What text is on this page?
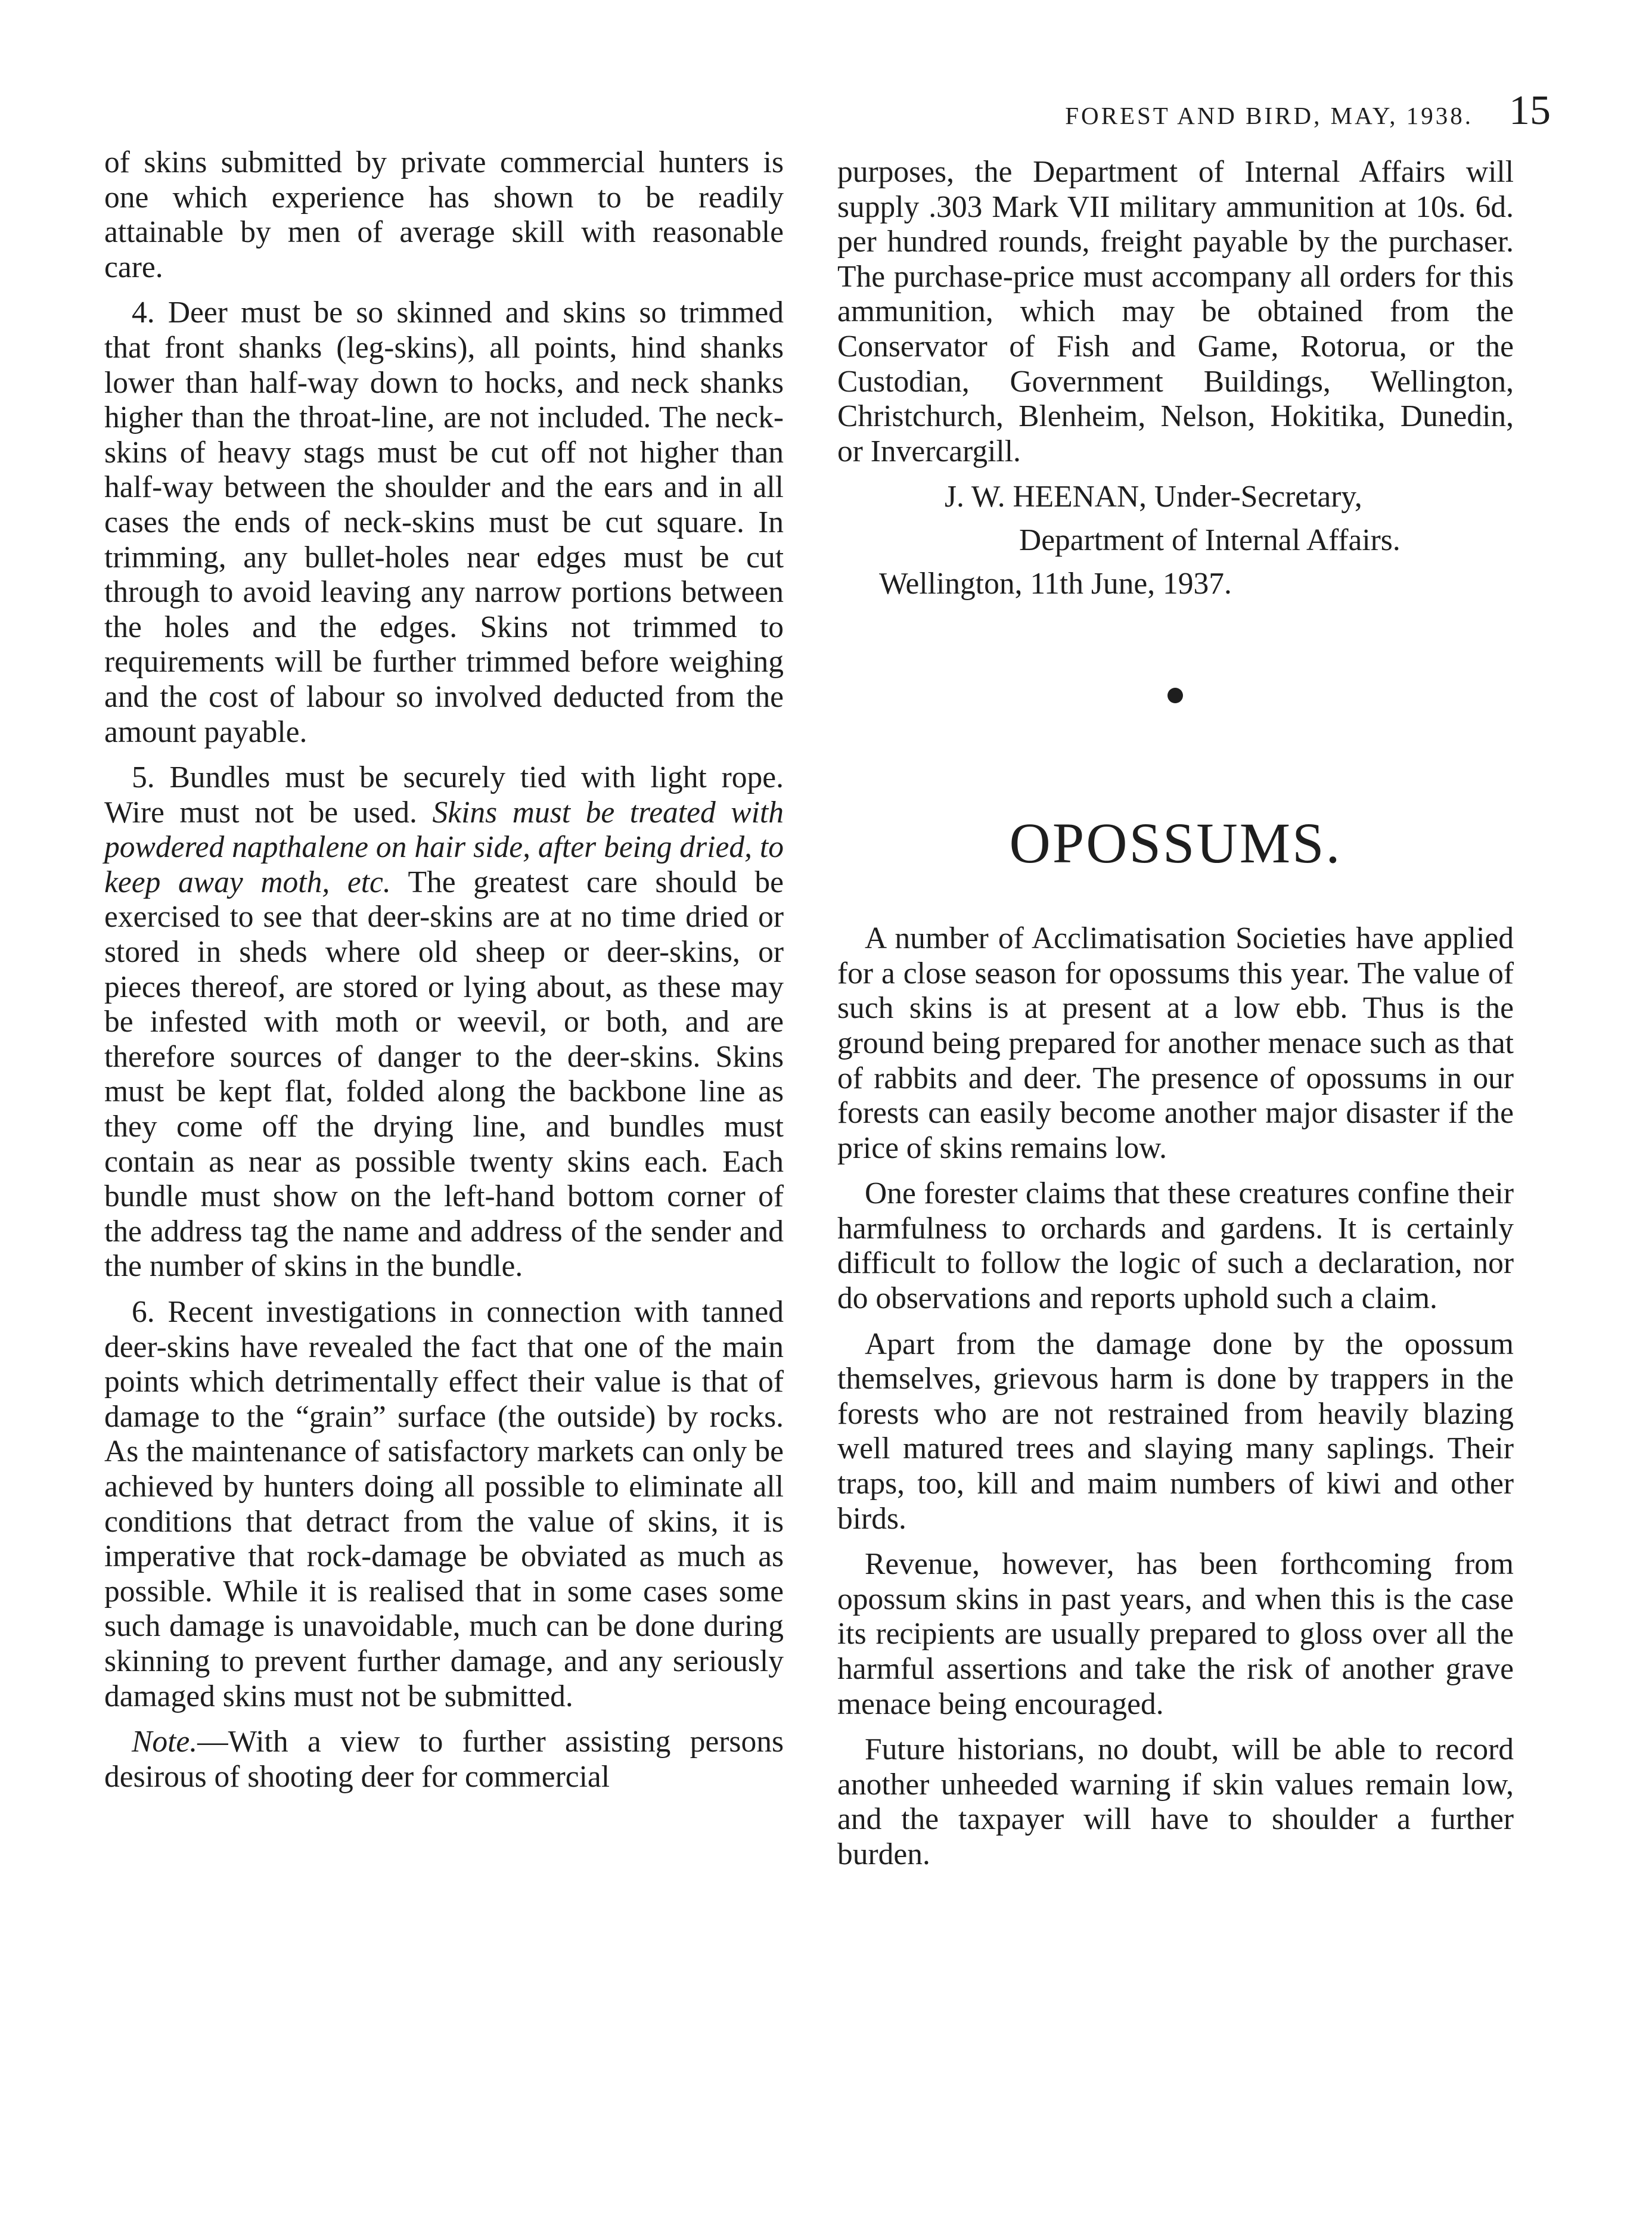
FOREST AND BIRD, MAY, 1938. 15

of skins submitted by private commercial hunters is one which experience has shown to be readily attainable by men of average skill with reasonable care.

4. Deer must be so skinned and skins so trimmed that front shanks (leg-skins), all points, hind shanks lower than half-way down to hocks, and neck shanks higher than the throat-line, are not included. The neck-skins of heavy stags must be cut off not higher than half-way between the shoulder and the ears and in all cases the ends of neck-skins must be cut square. In trimming, any bullet-holes near edges must be cut through to avoid leaving any narrow portions between the holes and the edges. Skins not trimmed to requirements will be further trimmed before weighing and the cost of labour so involved deducted from the amount payable.

5. Bundles must be securely tied with light rope. Wire must not be used. Skins must be treated with powdered napthalene on hair side, after being dried, to keep away moth, etc. The greatest care should be exercised to see that deer-skins are at no time dried or stored in sheds where old sheep or deer-skins, or pieces thereof, are stored or lying about, as these may be infested with moth or weevil, or both, and are therefore sources of danger to the deer-skins. Skins must be kept flat, folded along the backbone line as they come off the drying line, and bundles must contain as near as possible twenty skins each. Each bundle must show on the left-hand bottom corner of the address tag the name and address of the sender and the number of skins in the bundle.

6. Recent investigations in connection with tanned deer-skins have revealed the fact that one of the main points which detrimentally effect their value is that of damage to the “grain” surface (the outside) by rocks. As the maintenance of satisfactory markets can only be achieved by hunters doing all possible to eliminate all conditions that detract from the value of skins, it is imperative that rock-damage be obviated as much as possible. While it is realised that in some cases some such damage is unavoidable, much can be done during skinning to prevent further damage, and any seriously damaged skins must not be submitted.

Note.—With a view to further assisting persons desirous of shooting deer for commercial

purposes, the Department of Internal Affairs will supply .303 Mark VII military ammunition at 10s. 6d. per hundred rounds, freight payable by the purchaser. The purchase-price must accompany all orders for this ammunition, which may be obtained from the Conservator of Fish and Game, Rotorua, or the Custodian, Government Buildings, Wellington, Christchurch, Blenheim, Nelson, Hokitika, Dunedin, or Invercargill.

J. W. HEENAN, Under-Secretary,

Department of Internal Affairs.

Wellington, 11th June, 1937.

OPOSSUMS.

A number of Acclimatisation Societies have applied for a close season for opossums this year. The value of such skins is at present at a low ebb. Thus is the ground being prepared for another menace such as that of rabbits and deer. The presence of opossums in our forests can easily become another major disaster if the price of skins remains low.

One forester claims that these creatures confine their harmfulness to orchards and gardens. It is certainly difficult to follow the logic of such a declaration, nor do observations and reports uphold such a claim.

Apart from the damage done by the opossum themselves, grievous harm is done by trappers in the forests who are not restrained from heavily blazing well matured trees and slaying many saplings. Their traps, too, kill and maim numbers of kiwi and other birds.

Revenue, however, has been forthcoming from opossum skins in past years, and when this is the case its recipients are usually prepared to gloss over all the harmful assertions and take the risk of another grave menace being encouraged.

Future historians, no doubt, will be able to record another unheeded warning if skin values remain low, and the taxpayer will have to shoulder a further burden.
